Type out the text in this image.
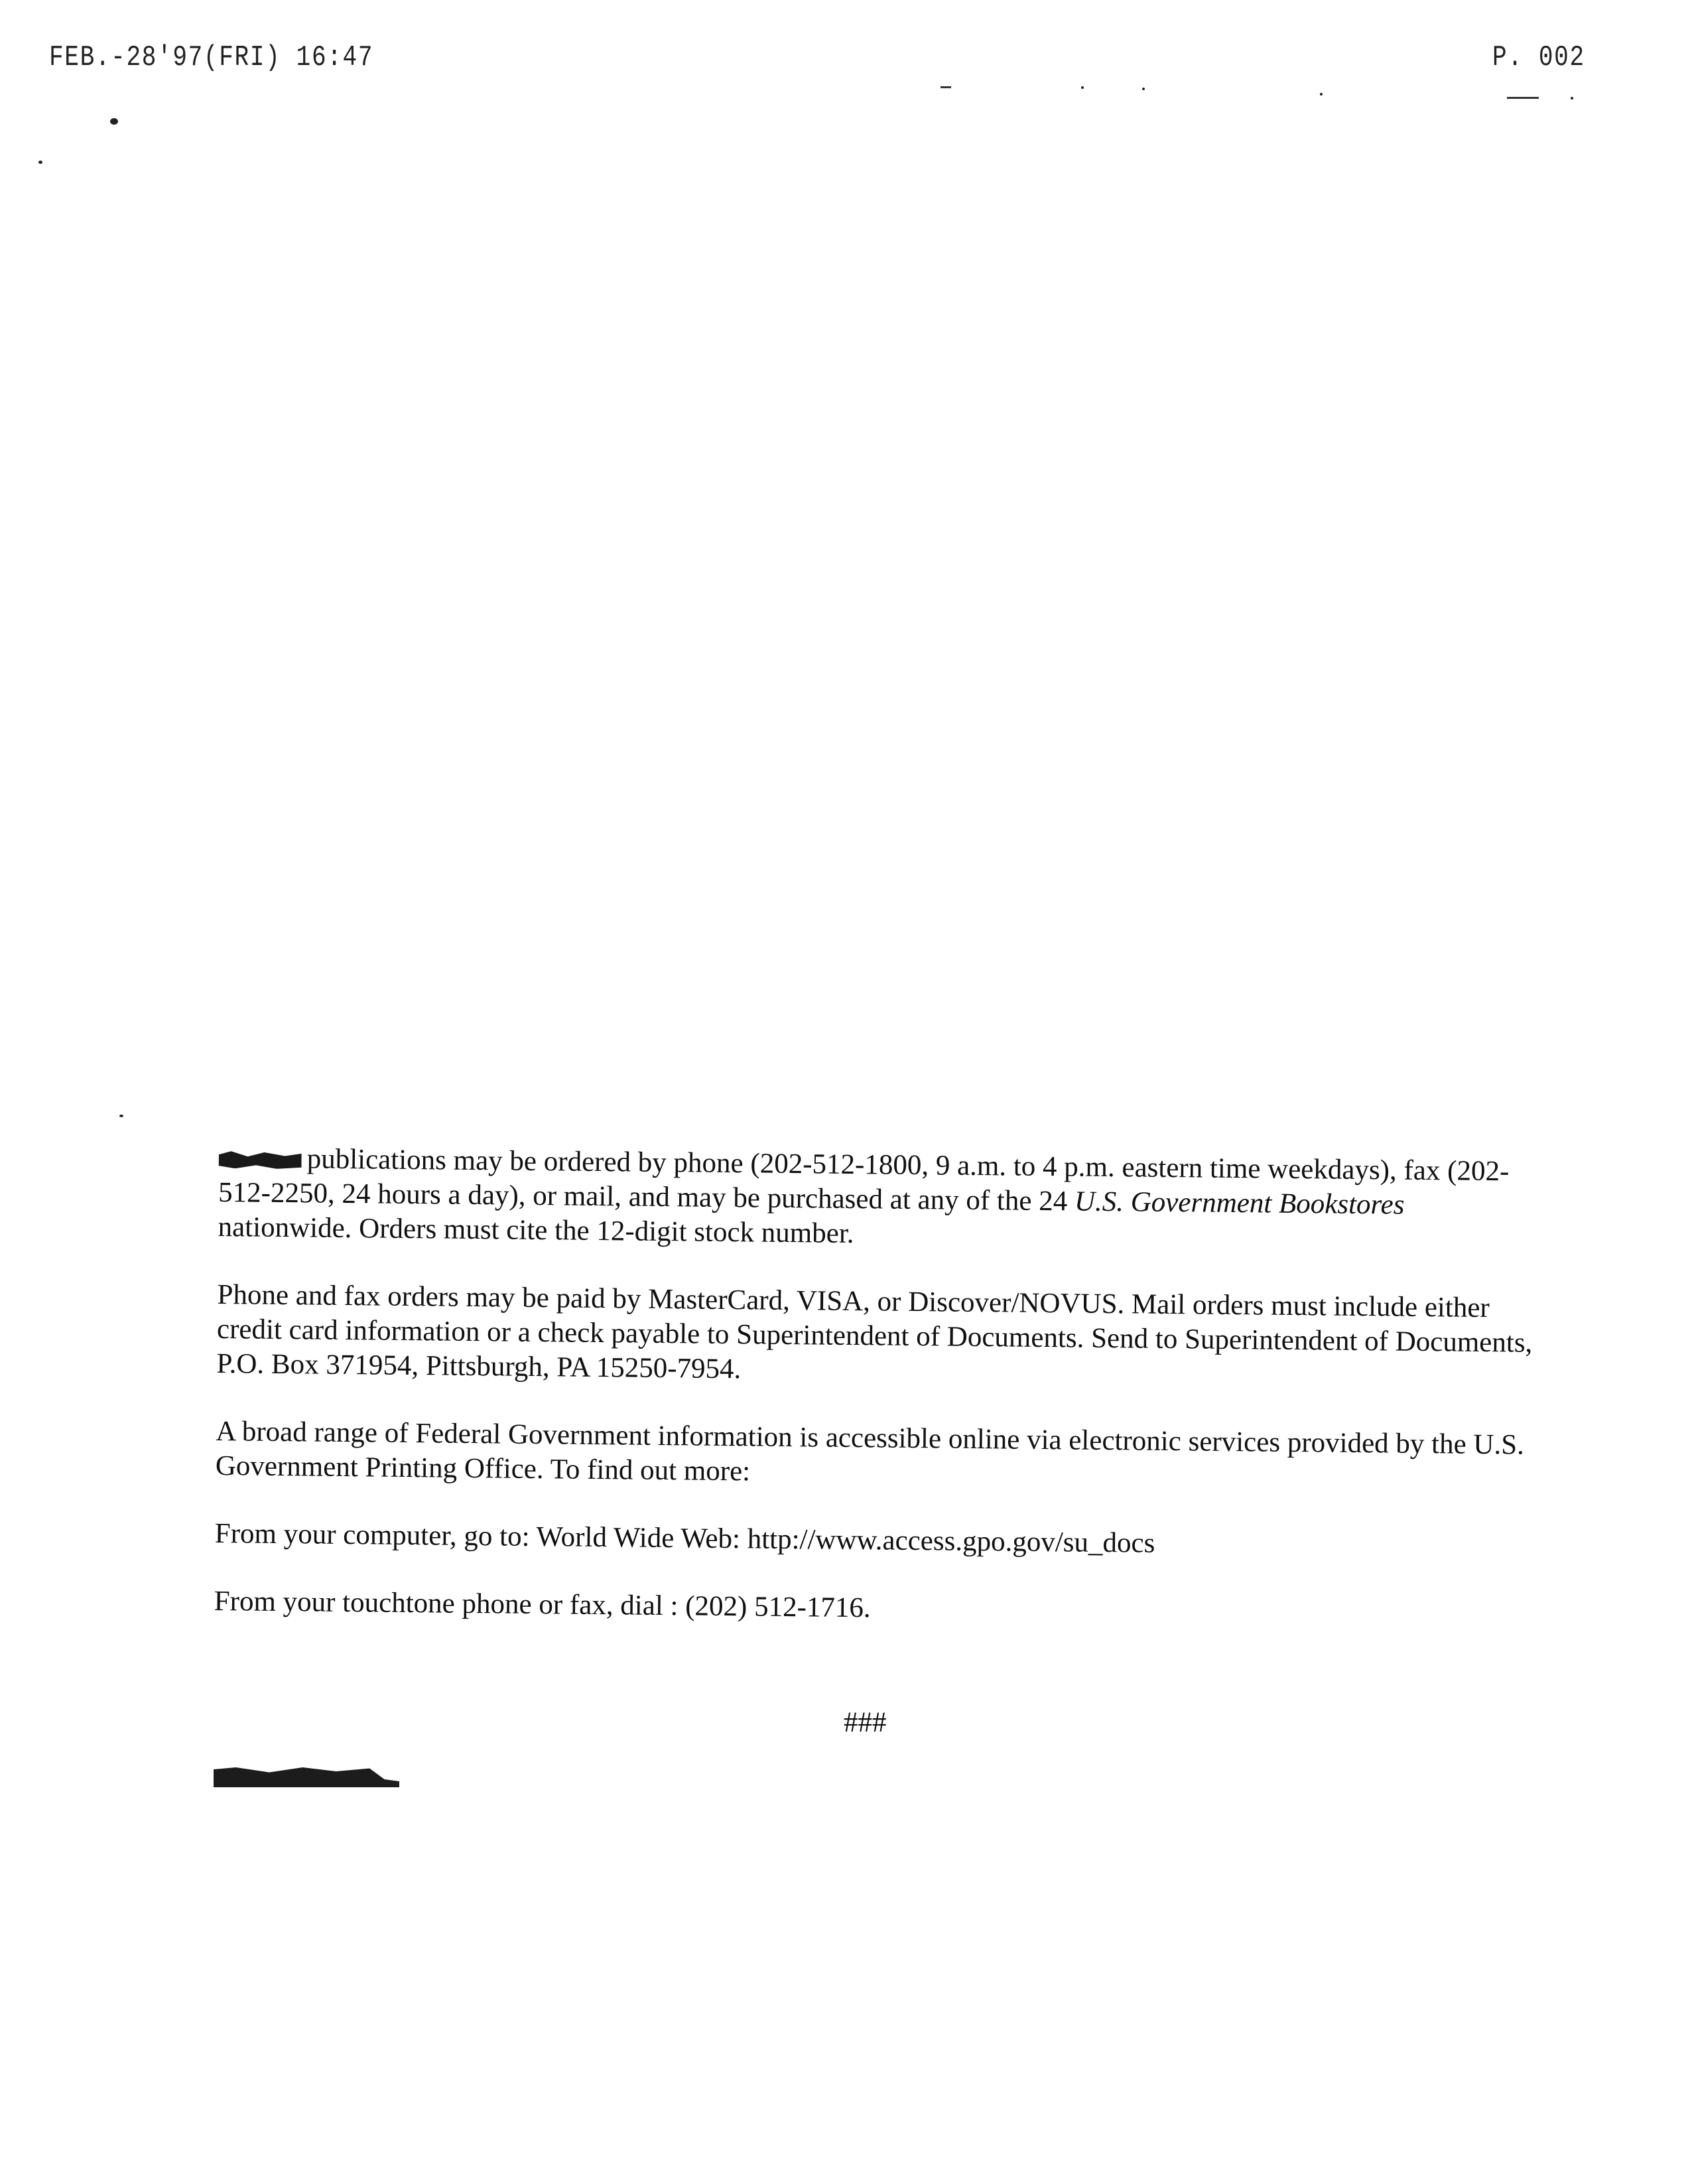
FEB.-28'97(FRI) 16:47	P. 002

publications may be ordered by phone (202-512-1800, 9 a.m. to 4 p.m. eastern time weekdays), fax (202-512-2250, 24 hours a day), or mail, and may be purchased at any of the 24 U.S. Government Bookstores nationwide. Orders must cite the 12-digit stock number.

Phone and fax orders may be paid by MasterCard, VISA, or Discover/NOVUS. Mail orders must include either credit card information or a check payable to Superintendent of Documents. Send to Superintendent of Documents, P.O. Box 371954, Pittsburgh, PA 15250-7954.

A broad range of Federal Government information is accessible online via electronic services provided by the U.S. Government Printing Office. To find out more:

From your computer, go to: World Wide Web: http://www.access.gpo.gov/su_docs

From your touchtone phone or fax, dial : (202) 512-1716.

###
